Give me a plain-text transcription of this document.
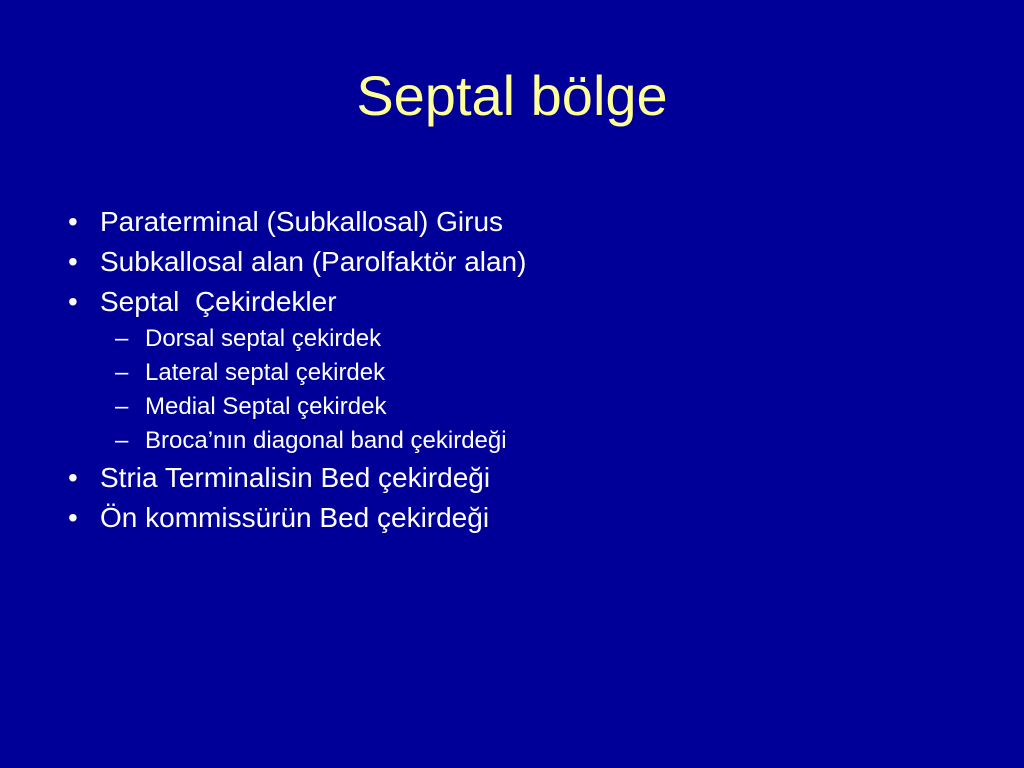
Septal bölge
• Paraterminal (Subkallosal) Girus
• Subkallosal alan (Parolfaktör alan)
• Septal  Çekirdekler
– Dorsal septal çekirdek
– Lateral septal çekirdek
– Medial Septal çekirdek
– Broca’nın diagonal band çekirdeği
• Stria Terminalisin Bed çekirdeği
• Ön kommissürün Bed çekirdeği
